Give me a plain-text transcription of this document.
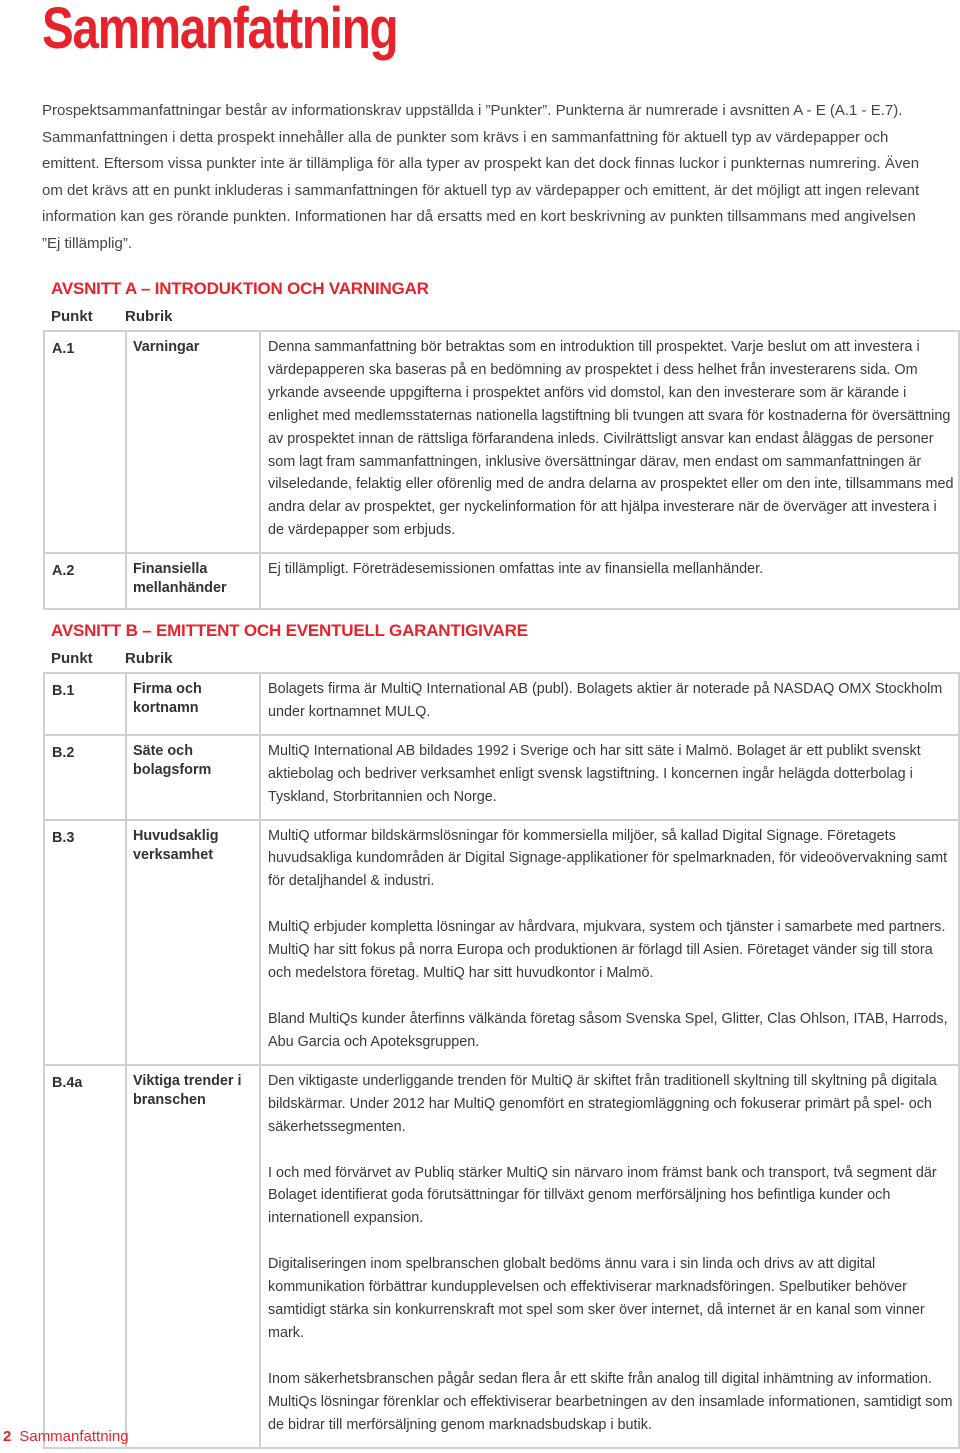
Sammanfattning

Prospektsammanfattningar består av informationskrav uppställda i ”Punkter”. Punkterna är numrerade i avsnitten A - E (A.1 - E.7). Sammanfattningen i detta prospekt innehåller alla de punkter som krävs i en sammanfattning för aktuell typ av värdepapper och emittent. Eftersom vissa punkter inte är tillämpliga för alla typer av prospekt kan det dock finnas luckor i punkternas numrering. Även om det krävs att en punkt inkluderas i sammanfattningen för aktuell typ av värdepapper och emittent, är det möjligt att ingen relevant information kan ges rörande punkten. Informationen har då ersatts med en kort beskrivning av punkten tillsammans med angivelsen ”Ej tillämplig”.

AVSNITT A – INTRODUKTION OCH VARNINGAR
Punkt Rubrik
A.1	Varningar	Denna sammanfattning bör betraktas som en introduktion till prospektet. Varje beslut om att investera i värdepapperen ska baseras på en bedömning av prospektet i dess helhet från investerarens sida. Om yrkande avseende uppgifterna i prospektet anförs vid domstol, kan den investerare som är kärande i enlighet med medlemsstaternas nationella lagstiftning bli tvungen att svara för kostnaderna för översättning av prospektet innan de rättsliga förfarandena inleds. Civilrättsligt ansvar kan endast åläggas de personer som lagt fram sammanfattningen, inklusive översättningar därav, men endast om sammanfattningen är vilseledande, felaktig eller oförenlig med de andra delarna av prospektet eller om den inte, tillsammans med andra delar av prospektet, ger nyckelinformation för att hjälpa investerare när de överväger att investera i de värdepapper som erbjuds.

A.2	Finansiella mellanhänder	Ej tillämpligt. Företrädesemissionen omfattas inte av finansiella mellanhänder.

AVSNITT B – EMITTENT OCH EVENTUELL GARANTIGIVARE
Punkt Rubrik
B.1	Firma och kortnamn	Bolagets firma är MultiQ International AB (publ). Bolagets aktier är noterade på NASDAQ OMX Stockholm under kortnamnet MULQ.

B.2	Säte och bolagsform	MultiQ International AB bildades 1992 i Sverige och har sitt säte i Malmö. Bolaget är ett publikt svenskt aktiebolag och bedriver verksamhet enligt svensk lagstiftning. I koncernen ingår helägda dotterbolag i Tyskland, Storbritannien och Norge.

B.3	Huvudsaklig verksamhet	MultiQ utformar bildskärmslösningar för kommersiella miljöer, så kallad Digital Signage. Företagets huvudsakliga kundområden är Digital Signage-applikationer för spelmarknaden, för videoövervakning samt för detaljhandel & industri.

MultiQ erbjuder kompletta lösningar av hårdvara, mjukvara, system och tjänster i samarbete med partners. MultiQ har sitt fokus på norra Europa och produktionen är förlagd till Asien. Företaget vänder sig till stora och medelstora företag. MultiQ har sitt huvudkontor i Malmö.

Bland MultiQs kunder återfinns välkända företag såsom Svenska Spel, Glitter, Clas Ohlson, ITAB, Harrods, Abu Garcia och Apoteksgruppen.

B.4a	Viktiga trender i branschen	Den viktigaste underliggande trenden för MultiQ är skiftet från traditionell skyltning till skyltning på digitala bildskärmar. Under 2012 har MultiQ genomfört en strategiomläggning och fokuserar primärt på spel- och säkerhetssegmenten.

I och med förvärvet av Publiq stärker MultiQ sin närvaro inom främst bank och transport, två segment där Bolaget identifierat goda förutsättningar för tillväxt genom merförsäljning hos befintliga kunder och internationell expansion.

Digitaliseringen inom spelbranschen globalt bedöms ännu vara i sin linda och drivs av att digital kommunikation förbättrar kundupplevelsen och effektiviserar marknadsföringen. Spelbutiker behöver samtidigt stärka sin konkurrenskraft mot spel som sker över internet, då internet är en kanal som vinner mark.

Inom säkerhetsbranschen pågår sedan flera år ett skifte från analog till digital inhämtning av information. MultiQs lösningar förenklar och effektiviserar bearbetningen av den insamlade informationen, samtidigt som de bidrar till merförsäljning genom marknadsbudskap i butik.

2 Sammanfattning
